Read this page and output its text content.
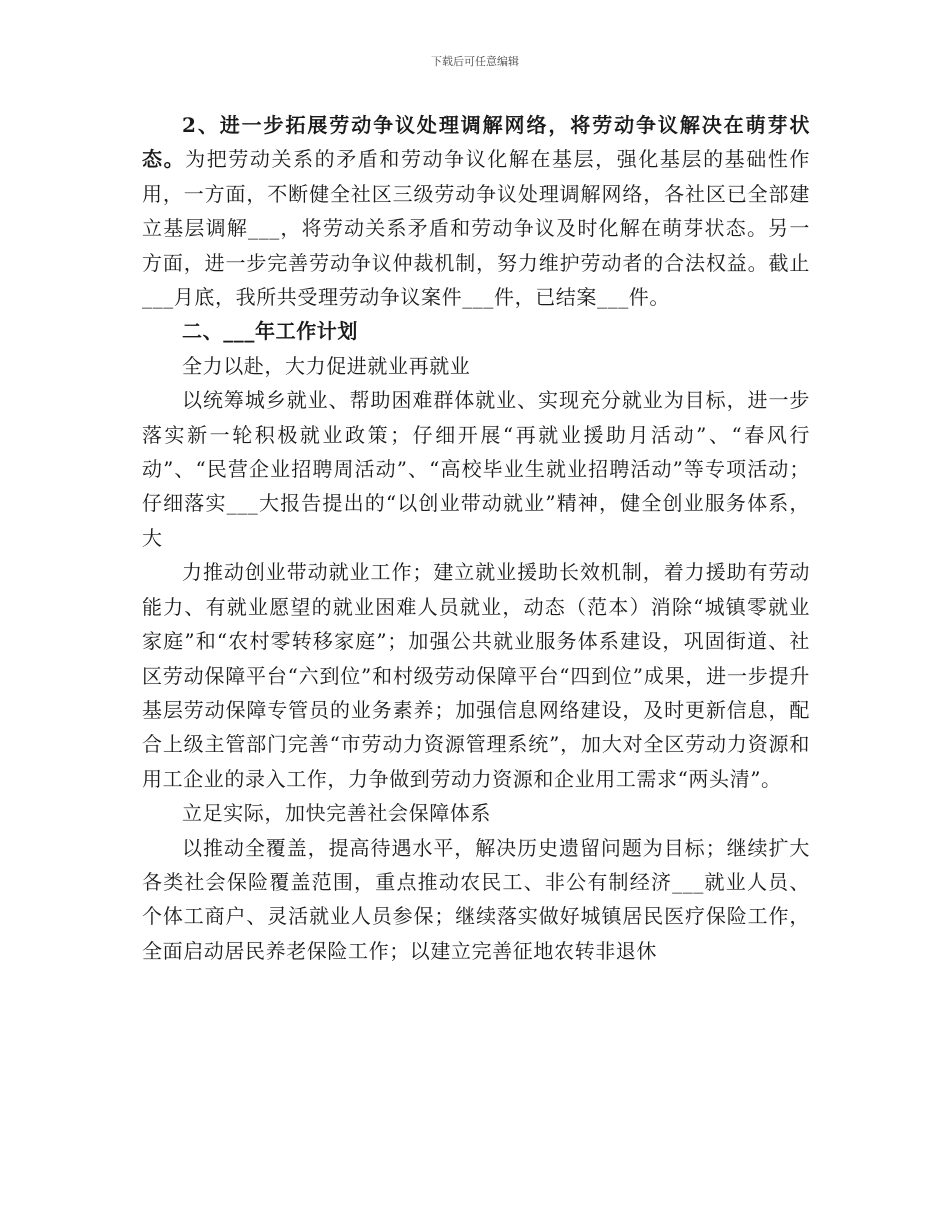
下载后可任意编辑

2、进一步拓展劳动争议处理调解网络，将劳动争议解决在萌芽状态。为把劳动关系的矛盾和劳动争议化解在基层，强化基层的基础性作用，一方面，不断健全社区三级劳动争议处理调解网络，各社区已全部建立基层调解___，将劳动关系矛盾和劳动争议及时化解在萌芽状态。另一方面，进一步完善劳动争议仲裁机制，努力维护劳动者的合法权益。截止___月底，我所共受理劳动争议案件___件，已结案___件。

二、___年工作计划

全力以赴，大力促进就业再就业

以统筹城乡就业、帮助困难群体就业、实现充分就业为目标，进一步落实新一轮积极就业政策；仔细开展“再就业援助月活动”、“春风行动”、“民营企业招聘周活动”、“高校毕业生就业招聘活动”等专项活动；仔细落实___大报告提出的“以创业带动就业”精神，健全创业服务体系，大

力推动创业带动就业工作；建立就业援助长效机制，着力援助有劳动能力、有就业愿望的就业困难人员就业，动态（范本）消除“城镇零就业家庭”和“农村零转移家庭”；加强公共就业服务体系建设，巩固街道、社区劳动保障平台“六到位”和村级劳动保障平台“四到位”成果，进一步提升基层劳动保障专管员的业务素养；加强信息网络建设，及时更新信息，配合上级主管部门完善“市劳动力资源管理系统”，加大对全区劳动力资源和用工企业的录入工作，力争做到劳动力资源和企业用工需求“两头清”。

立足实际，加快完善社会保障体系

以推动全覆盖，提高待遇水平，解决历史遗留问题为目标；继续扩大各类社会保险覆盖范围，重点推动农民工、非公有制经济___就业人员、个体工商户、灵活就业人员参保；继续落实做好城镇居民医疗保险工作，全面启动居民养老保险工作；以建立完善征地农转非退休
